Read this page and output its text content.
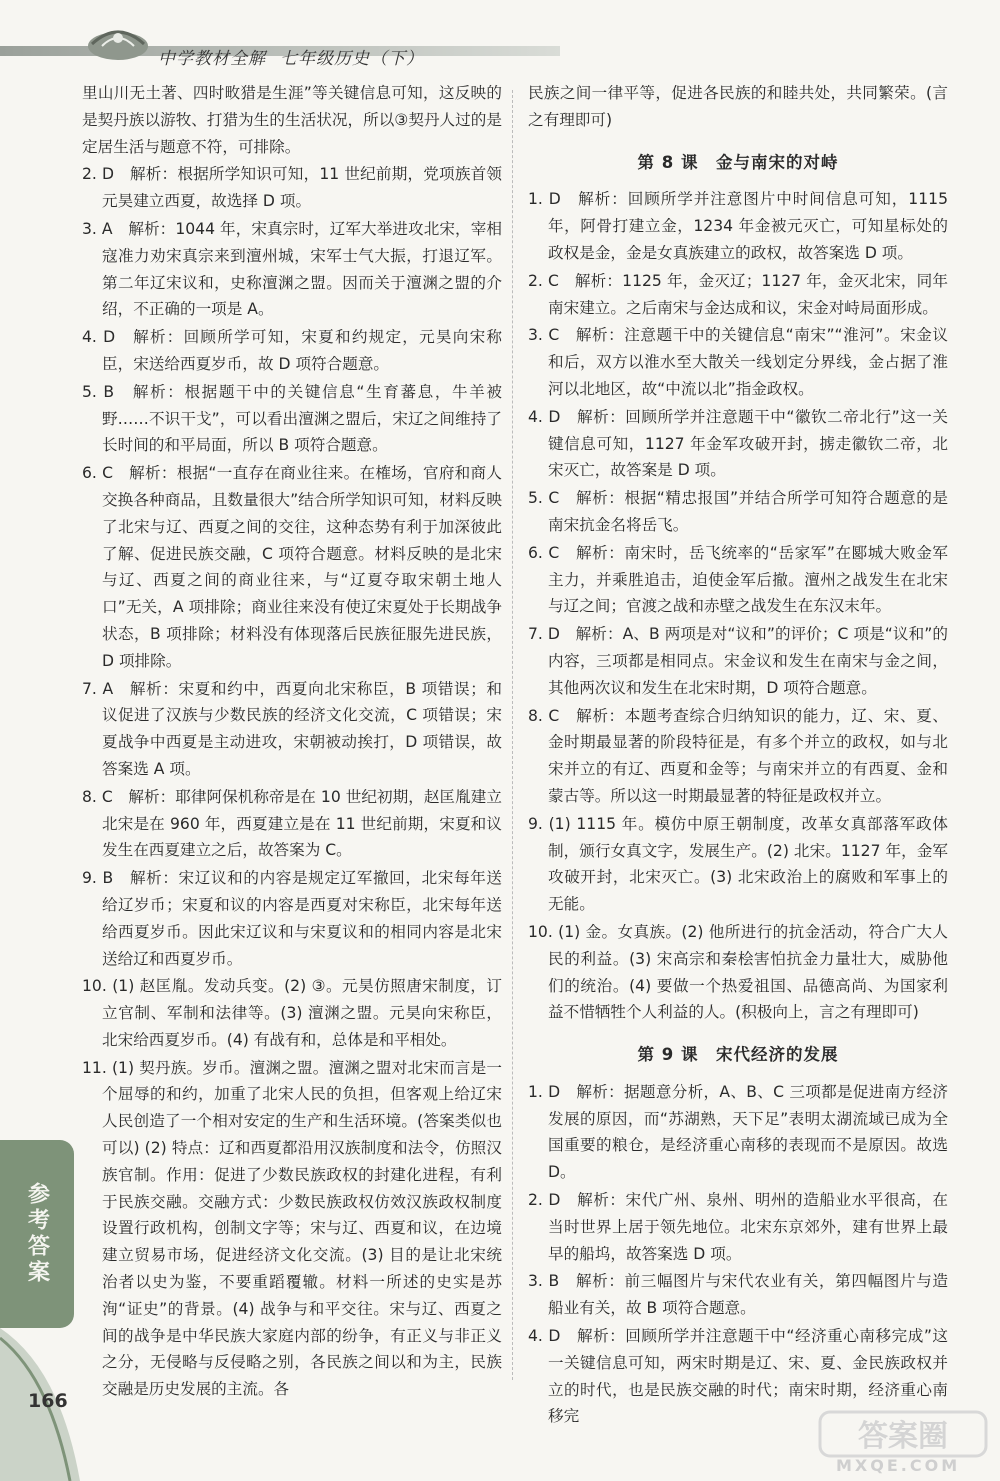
中学教材全解 七年级历史（下）
里山川无土著、四时畋猎是生涯”等关键信息可知，这反映的是契丹族以游牧、打猎为生的生活状况，所以③契丹人过的是定居生活与题意不符，可排除。
2. D　解析：根据所学知识可知，11 世纪前期，党项族首领元昊建立西夏，故选择 D 项。
3. A　解析：1044 年，宋真宗时，辽军大举进攻北宋，宰相寇准力劝宋真宗来到澶州城，宋军士气大振，打退辽军。第二年辽宋议和，史称澶渊之盟。因而关于澶渊之盟的介绍，不正确的一项是 A。
4. D　解析：回顾所学可知，宋夏和约规定，元昊向宋称臣，宋送给西夏岁币，故 D 项符合题意。
5. B　解析：根据题干中的关键信息“生育蕃息，牛羊被野……不识干戈”，可以看出澶渊之盟后，宋辽之间维持了长时间的和平局面，所以 B 项符合题意。
6. C　解析：根据“一直存在商业往来。在榷场，官府和商人交换各种商品，且数量很大”结合所学知识可知，材料反映了北宋与辽、西夏之间的交往，这种态势有利于加深彼此了解、促进民族交融，C 项符合题意。材料反映的是北宋与辽、西夏之间的商业往来，与“辽夏夺取宋朝土地人口”无关，A 项排除；商业往来没有使辽宋夏处于长期战争状态，B 项排除；材料没有体现落后民族征服先进民族，D 项排除。
7. A　解析：宋夏和约中，西夏向北宋称臣，B 项错误；和议促进了汉族与少数民族的经济文化交流，C 项错误；宋夏战争中西夏是主动进攻，宋朝被动挨打，D 项错误，故答案选 A 项。
8. C　解析：耶律阿保机称帝是在 10 世纪初期，赵匡胤建立北宋是在 960 年，西夏建立是在 11 世纪前期，宋夏和议发生在西夏建立之后，故答案为 C。
9. B　解析：宋辽议和的内容是规定辽军撤回，北宋每年送给辽岁币；宋夏和议的内容是西夏对宋称臣，北宋每年送给西夏岁币。因此宋辽议和与宋夏议和的相同内容是北宋送给辽和西夏岁币。
10. (1) 赵匡胤。发动兵变。(2) ③。元昊仿照唐宋制度，订立官制、军制和法律等。(3) 澶渊之盟。元昊向宋称臣，北宋给西夏岁币。(4) 有战有和，总体是和平相处。
11. (1) 契丹族。岁币。澶渊之盟。澶渊之盟对北宋而言是一个屈辱的和约，加重了北宋人民的负担，但客观上给辽宋人民创造了一个相对安定的生产和生活环境。(答案类似也可以) (2) 特点：辽和西夏都沿用汉族制度和法令，仿照汉族官制。作用：促进了少数民族政权的封建化进程，有利于民族交融。交融方式：少数民族政权仿效汉族政权制度设置行政机构，创制文字等；宋与辽、西夏和议，在边境建立贸易市场，促进经济文化交流。(3) 目的是让北宋统治者以史为鉴，不要重蹈覆辙。材料一所述的史实是苏洵“证史”的背景。(4) 战争与和平交往。宋与辽、西夏之间的战争是中华民族大家庭内部的纷争，有正义与非正义之分，无侵略与反侵略之别，各民族之间以和为主，民族交融是历史发展的主流。各
民族之间一律平等，促进各民族的和睦共处，共同繁荣。(言之有理即可)
第 8 课　金与南宋的对峙
1. D　解析：回顾所学并注意图片中时间信息可知，1115 年，阿骨打建立金，1234 年金被元灭亡，可知星标处的政权是金，金是女真族建立的政权，故答案选 D 项。
2. C　解析：1125 年，金灭辽；1127 年，金灭北宋，同年南宋建立。之后南宋与金达成和议，宋金对峙局面形成。
3. C　解析：注意题干中的关键信息“南宋”“淮河”。宋金议和后，双方以淮水至大散关一线划定分界线，金占据了淮河以北地区，故“中流以北”指金政权。
4. D　解析：回顾所学并注意题干中“徽钦二帝北行”这一关键信息可知，1127 年金军攻破开封，掳走徽钦二帝，北宋灭亡，故答案是 D 项。
5. C　解析：根据“精忠报国”并结合所学可知符合题意的是南宋抗金名将岳飞。
6. C　解析：南宋时，岳飞统率的“岳家军”在郾城大败金军主力，并乘胜追击，迫使金军后撤。澶州之战发生在北宋与辽之间；官渡之战和赤壁之战发生在东汉末年。
7. D　解析：A、B 两项是对“议和”的评价；C 项是“议和”的内容，三项都是相同点。宋金议和发生在南宋与金之间，其他两次议和发生在北宋时期，D 项符合题意。
8. C　解析：本题考查综合归纳知识的能力，辽、宋、夏、金时期最显著的阶段特征是，有多个并立的政权，如与北宋并立的有辽、西夏和金等；与南宋并立的有西夏、金和蒙古等。所以这一时期最显著的特征是政权并立。
9. (1) 1115 年。模仿中原王朝制度，改革女真部落军政体制，颁行女真文字，发展生产。(2) 北宋。1127 年，金军攻破开封，北宋灭亡。(3) 北宋政治上的腐败和军事上的无能。
10. (1) 金。女真族。(2) 他所进行的抗金活动，符合广大人民的利益。(3) 宋高宗和秦桧害怕抗金力量壮大，威胁他们的统治。(4) 要做一个热爱祖国、品德高尚、为国家利益不惜牺牲个人利益的人。(积极向上，言之有理即可)
第 9 课　宋代经济的发展
1. D　解析：据题意分析，A、B、C 三项都是促进南方经济发展的原因，而“苏湖熟，天下足”表明太湖流域已成为全国重要的粮仓，是经济重心南移的表现而不是原因。故选 D。
2. D　解析：宋代广州、泉州、明州的造船业水平很高，在当时世界上居于领先地位。北宋东京郊外，建有世界上最早的船坞，故答案选 D 项。
3. B　解析：前三幅图片与宋代农业有关，第四幅图片与造船业有关，故 B 项符合题意。
4. D　解析：回顾所学并注意题干中“经济重心南移完成”这一关键信息可知，两宋时期是辽、宋、夏、金民族政权并立的时代，也是民族交融的时代；南宋时期，经济重心南移完
参考答案
166
答案圈
MXQE.COM
